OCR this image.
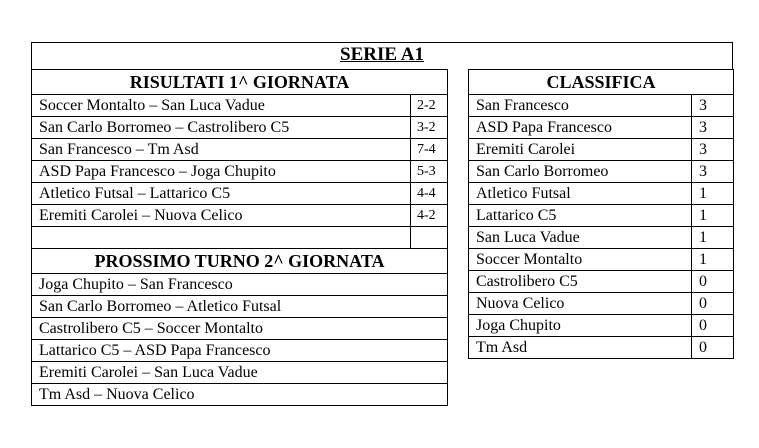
SERIE A1
RISULTATI 1^ GIORNATA	
Soccer Montalto – San Luca Vadue	2-2
San Carlo Borromeo – Castrolibero C5	3-2
San Francesco – Tm Asd	7-4
ASD Papa Francesco – Joga Chupito	5-3
Atletico Futsal – Lattarico C5	4-4
Eremiti Carolei – Nuova Celico	4-2

PROSSIMO TURNO 2^ GIORNATA	
Joga Chupito – San Francesco	
San Carlo Borromeo – Atletico Futsal	
Castrolibero C5 – Soccer Montalto	
Lattarico C5 – ASD Papa Francesco	
Eremiti Carolei – San Luca Vadue	
Tm Asd – Nuova Celico	
CLASSIFICA	
San Francesco	3
ASD Papa Francesco	3
Eremiti Carolei	3
San Carlo Borromeo	3
Atletico Futsal	1
Lattarico C5	1
San Luca Vadue	1
Soccer Montalto	1
Castrolibero C5	0
Nuova Celico	0
Joga Chupito	0
Tm Asd	0
